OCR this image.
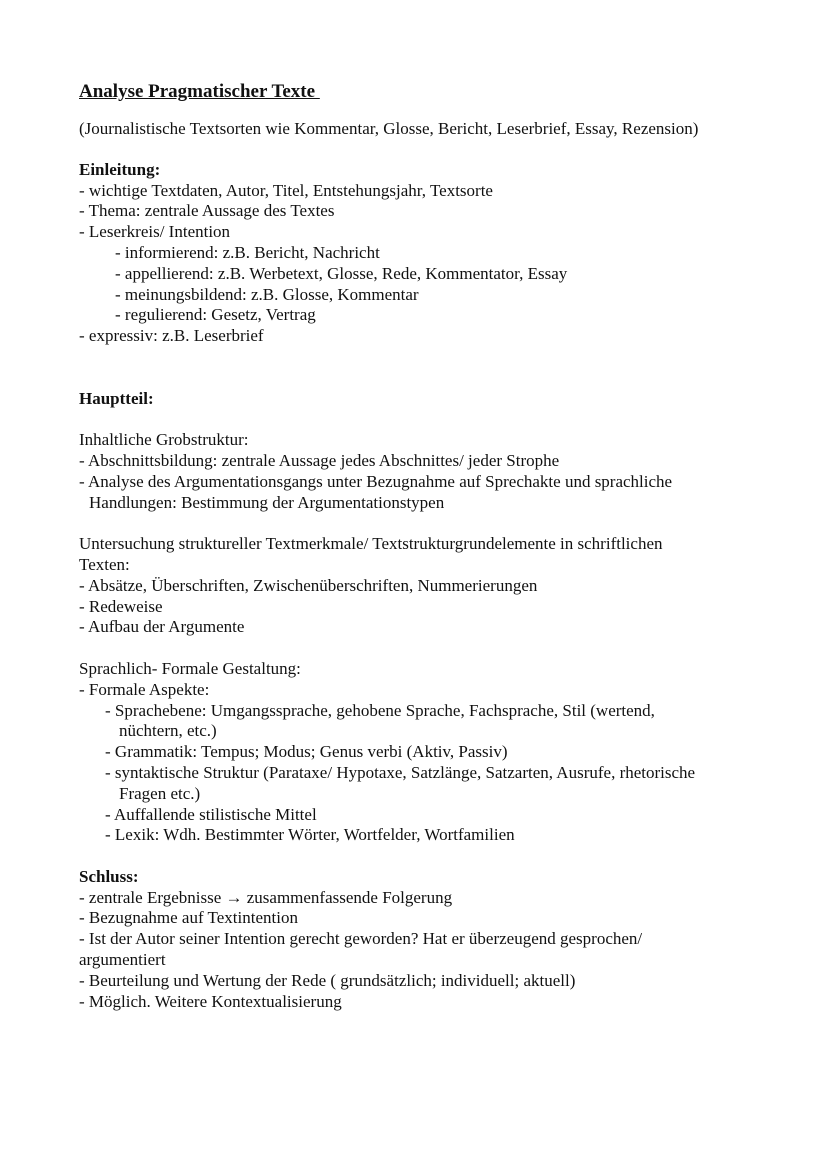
Analyse Pragmatischer Texte
(Journalistische Textsorten wie Kommentar, Glosse, Bericht, Leserbrief, Essay, Rezension)
Einleitung:
- wichtige Textdaten, Autor, Titel, Entstehungsjahr, Textsorte
- Thema: zentrale Aussage des Textes
- Leserkreis/ Intention
- informierend: z.B. Bericht, Nachricht
- appellierend: z.B. Werbetext, Glosse, Rede, Kommentator, Essay
- meinungsbildend: z.B. Glosse, Kommentar
- regulierend: Gesetz, Vertrag
- expressiv: z.B. Leserbrief
Hauptteil:
Inhaltliche Grobstruktur:
- Abschnittsbildung: zentrale Aussage jedes Abschnittes/ jeder Strophe
- Analyse des Argumentationsgangs unter Bezugnahme auf Sprechakte und sprachliche
Handlungen: Bestimmung der Argumentationstypen
Untersuchung struktureller Textmerkmale/ Textstrukturgrundelemente in schriftlichen
Texten:
- Absätze, Überschriften, Zwischenüberschriften, Nummerierungen
- Redeweise
- Aufbau der Argumente
Sprachlich- Formale Gestaltung:
- Formale Aspekte:
- Sprachebene: Umgangssprache, gehobene Sprache, Fachsprache, Stil (wertend,
nüchtern, etc.)
- Grammatik: Tempus; Modus; Genus verbi (Aktiv, Passiv)
- syntaktische Struktur (Parataxe/ Hypotaxe, Satzlänge, Satzarten, Ausrufe, rhetorische
Fragen etc.)
- Auffallende stilistische Mittel
- Lexik: Wdh. Bestimmter Wörter, Wortfelder, Wortfamilien
Schluss:
- zentrale Ergebnisse → zusammenfassende Folgerung
- Bezugnahme auf Textintention
- Ist der Autor seiner Intention gerecht geworden? Hat er überzeugend gesprochen/
argumentiert
- Beurteilung und Wertung der Rede ( grundsätzlich; individuell; aktuell)
- Möglich. Weitere Kontextualisierung
